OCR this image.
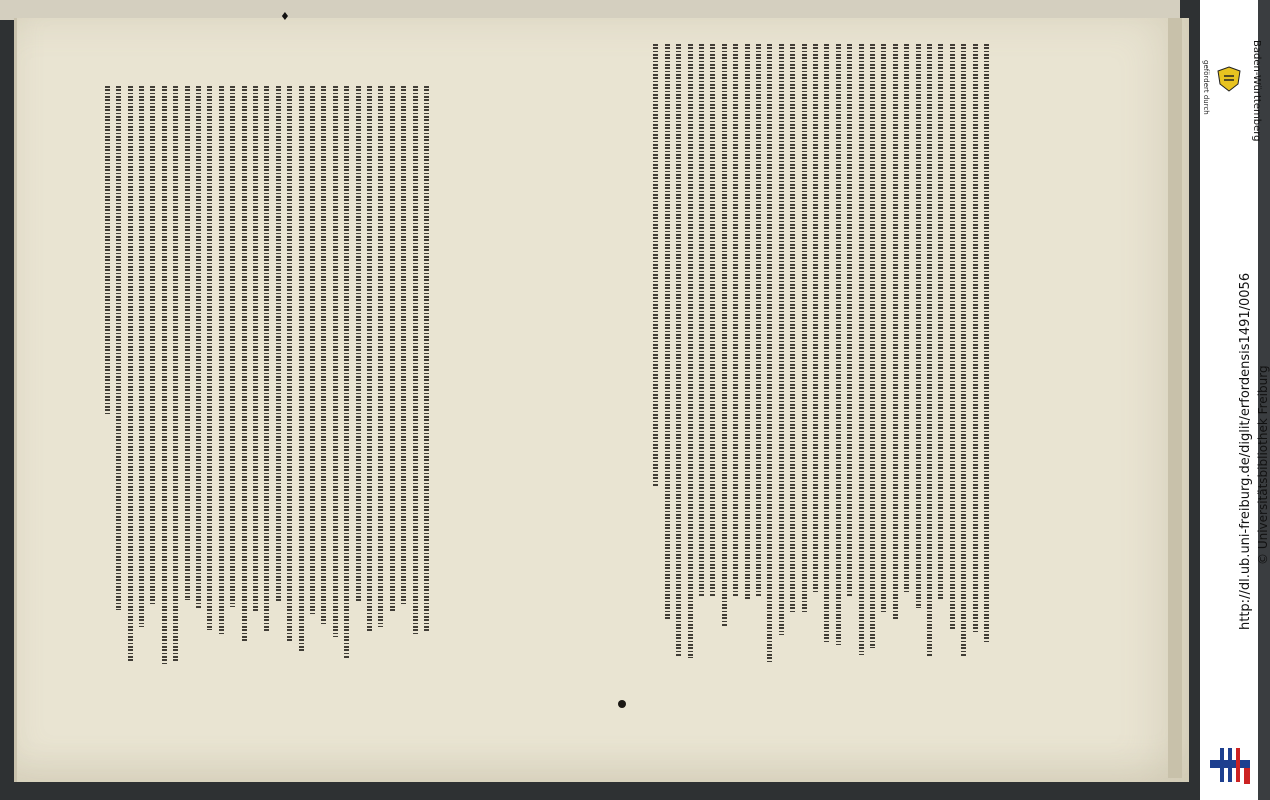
♦
gefördert durch	Baden-Württemberg
http://dl.ub.uni-freiburg.de/diglit/erfordensis1491/0056 © Universitätsbibliothek Freiburg
